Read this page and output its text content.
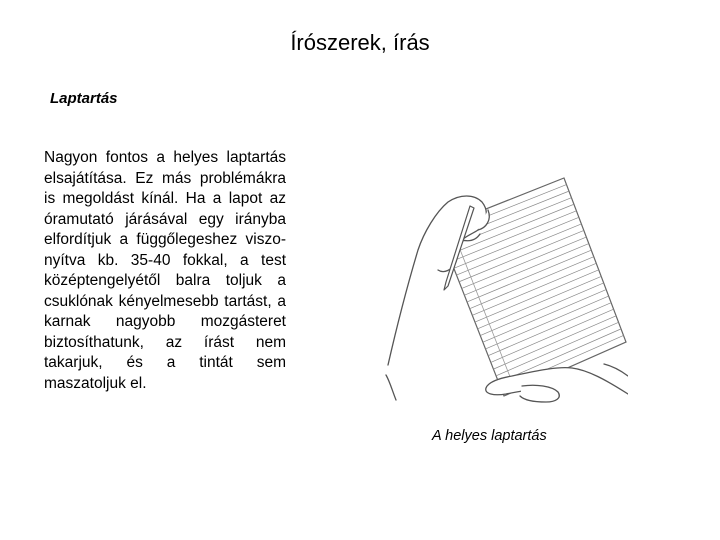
Írószerek, írás
Laptartás
Nagyon fontos a helyes laptartás elsajátítása. Ez más problémákra is megoldást kínál. Ha a lapot az óramutató járásával egy irányba elfordítjuk a függőlegeshez viszonyítva kb. 35-40 fokkal, a test középtengelyétől balra toljuk a csuklónak kényelmesebb tartást, a karnak nagyobb mozgásteret biztosíthatunk, az írást nem takarjuk, és a tintát sem maszatoljuk el.
A helyes laptartás
